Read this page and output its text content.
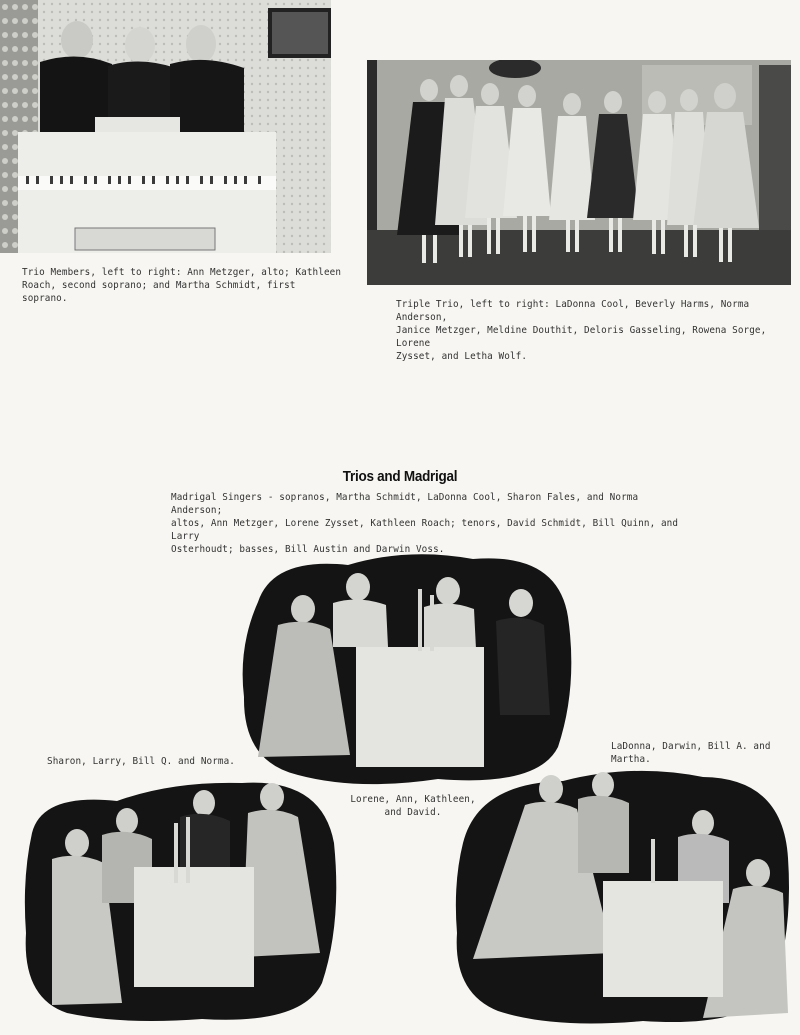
Trio Members, left to right: Ann Metzger, alto; Kathleen
Roach, second soprano; and Martha Schmidt, first soprano.
Triple Trio, left to right: LaDonna Cool, Beverly Harms, Norma Anderson,
Janice Metzger, Meldine Douthit, Deloris Gasseling, Rowena Sorge, Lorene
Zysset, and Letha Wolf.
Trios and Madrigal
Madrigal Singers - sopranos, Martha Schmidt, LaDonna Cool, Sharon Fales, and Norma Anderson;
altos, Ann Metzger, Lorene Zysset, Kathleen Roach; tenors, David Schmidt, Bill Quinn, and Larry
Osterhoudt; basses, Bill Austin and Darwin Voss.
Sharon, Larry, Bill Q. and Norma.
Lorene, Ann, Kathleen,
and David.
LaDonna, Darwin, Bill A. and Martha.
